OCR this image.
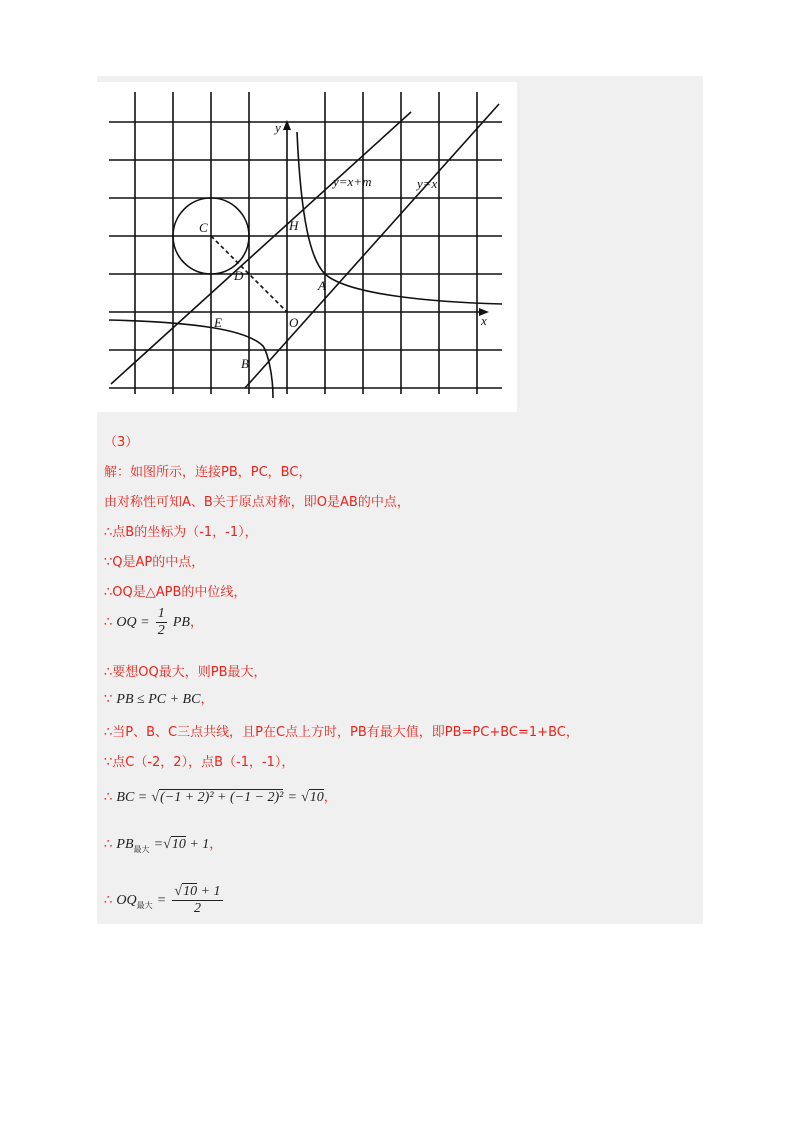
y
x
y=x+m	y=x
C	H
D
A
E	O
B
（3）
解：如图所示，连接PB，PC，BC，
由对称性可知A、B关于原点对称，即O是AB的中点，
∴点B的坐标为（-1，-1），
∵Q是AP的中点，
∴OQ是△APB的中位线，
∴ OQ = $\frac{1}{2}$ PB，
∴要想OQ最大，则PB最大，
∵ PB ≤ PC + BC，
∴当P、B、C三点共线，且P在C点上方时，PB有最大值，即PB=PC+BC=1+BC，
∵点C（-2，2），点B（-1，-1），
∴ BC = √(−1 + 2)² + (−1 − 2)² = √10，
∴ $PB_{最大} =√10 + 1$，
∴ $OQ_{最大} = \frac{√10 + 1}{2}$
